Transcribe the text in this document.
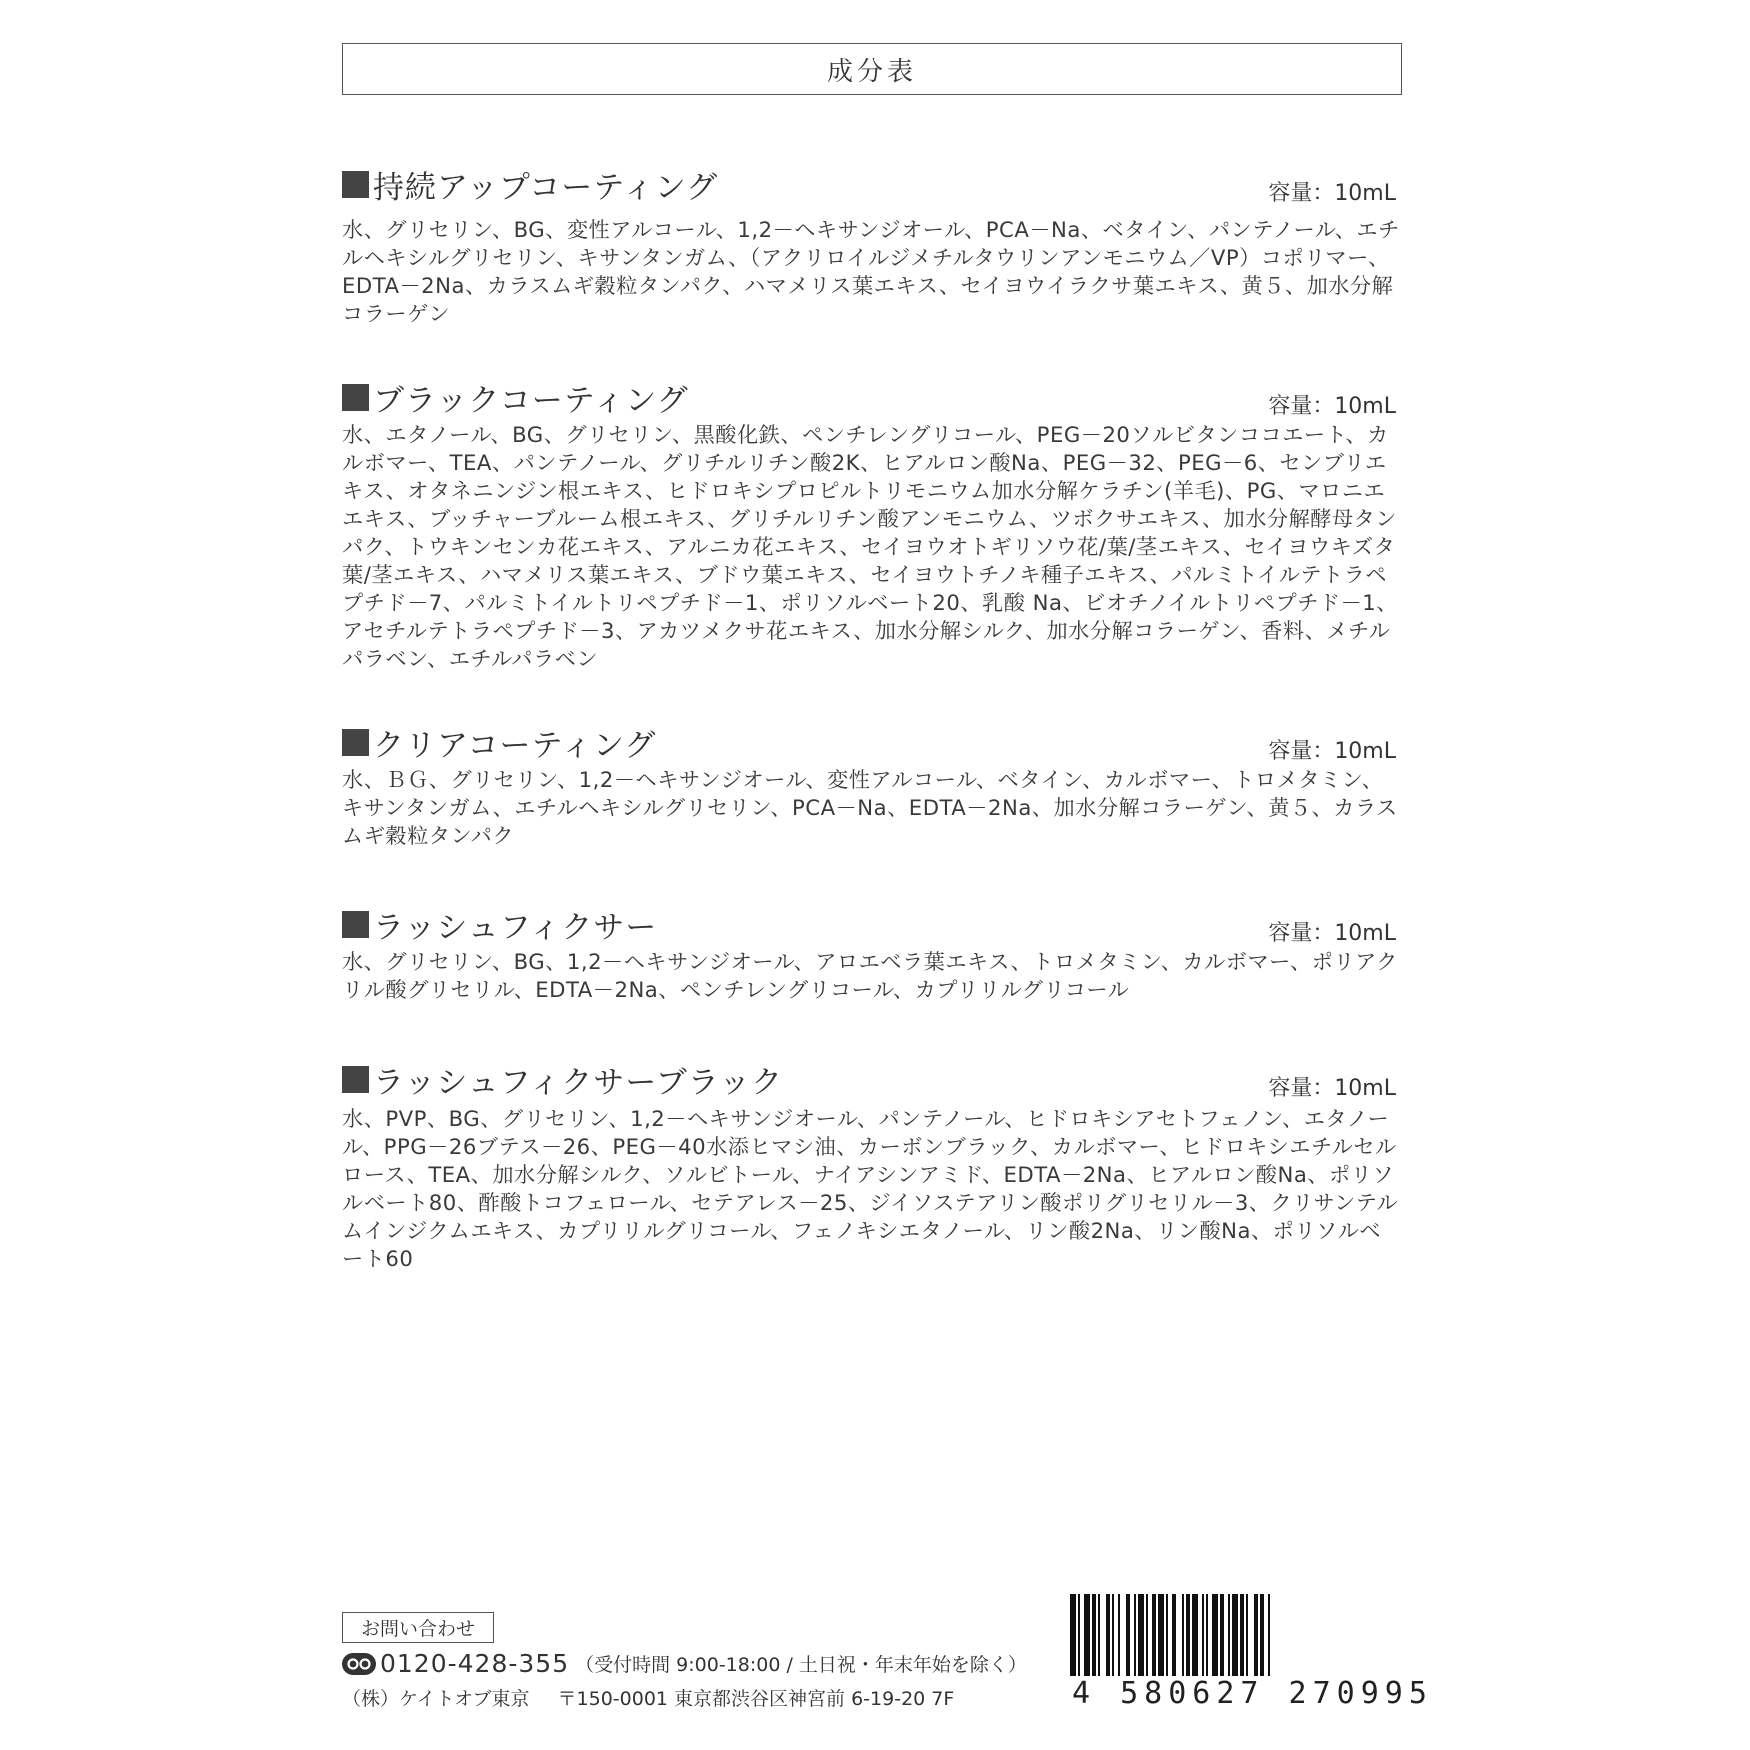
成分表
持続アップコーティング	容量：10mL
水、グリセリン、BG、変性アルコール、1,2－ヘキサンジオール、PCA－Na、ベタイン、パンテノール、エチルヘキシルグリセリン、キサンタンガム、（アクリロイルジメチルタウリンアンモニウム／VP）コポリマー、EDTA－2Na、カラスムギ穀粒タンパク、ハマメリス葉エキス、セイヨウイラクサ葉エキス、黄５、加水分解コラーゲン
ブラックコーティング	容量：10mL
水、エタノール、BG、グリセリン、黒酸化鉄、ペンチレングリコール、PEG－20ソルビタンココエート、カルボマー、TEA、パンテノール、グリチルリチン酸2K、ヒアルロン酸Na、PEG－32、PEG－6、センブリエキス、オタネニンジン根エキス、ヒドロキシプロピルトリモニウム加水分解ケラチン(羊毛)、PG、マロニエエキス、ブッチャーブルーム根エキス、グリチルリチン酸アンモニウム、ツボクサエキス、加水分解酵母タンパク、トウキンセンカ花エキス、アルニカ花エキス、セイヨウオトギリソウ花/葉/茎エキス、セイヨウキズタ葉/茎エキス、ハマメリス葉エキス、ブドウ葉エキス、セイヨウトチノキ種子エキス、パルミトイルテトラペプチド－7、パルミトイルトリペプチド－1、ポリソルベート20、乳酸 Na、ビオチノイルトリペプチド－1、アセチルテトラペプチド－3、アカツメクサ花エキス、加水分解シルク、加水分解コラーゲン、香料、メチルパラベン、エチルパラベン
クリアコーティング	容量：10mL
水、ＢＧ、グリセリン、1,2－ヘキサンジオール、変性アルコール、ベタイン、カルボマー、トロメタミン、キサンタンガム、エチルヘキシルグリセリン、PCA－Na、EDTA－2Na、加水分解コラーゲン、黄５、カラスムギ穀粒タンパク
ラッシュフィクサー	容量：10mL
水、グリセリン、BG、1,2－ヘキサンジオール、アロエベラ葉エキス、トロメタミン、カルボマー、ポリアクリル酸グリセリル、EDTA－2Na、ペンチレングリコール、カプリリルグリコール
ラッシュフィクサーブラック	容量：10mL
水、PVP、BG、グリセリン、1,2－ヘキサンジオール、パンテノール、ヒドロキシアセトフェノン、エタノール、PPG－26ブテス－26、PEG－40水添ヒマシ油、カーボンブラック、カルボマー、ヒドロキシエチルセルロース、TEA、加水分解シルク、ソルビトール、ナイアシンアミド、EDTA－2Na、ヒアルロン酸Na、ポリソルベート80、酢酸トコフェロール、セテアレス－25、ジイソステアリン酸ポリグリセリル－3、クリサンテルムインジクムエキス、カプリリルグリコール、フェノキシエタノール、リン酸2Na、リン酸Na、ポリソルベート60
お問い合わせ
0120-428-355 （受付時間 9:00-18:00 / 土日祝・年末年始を除く）
（株）ケイトオブ東京 〒150-0001 東京都渋谷区神宮前 6-19-20 7F	4 580627 270995
